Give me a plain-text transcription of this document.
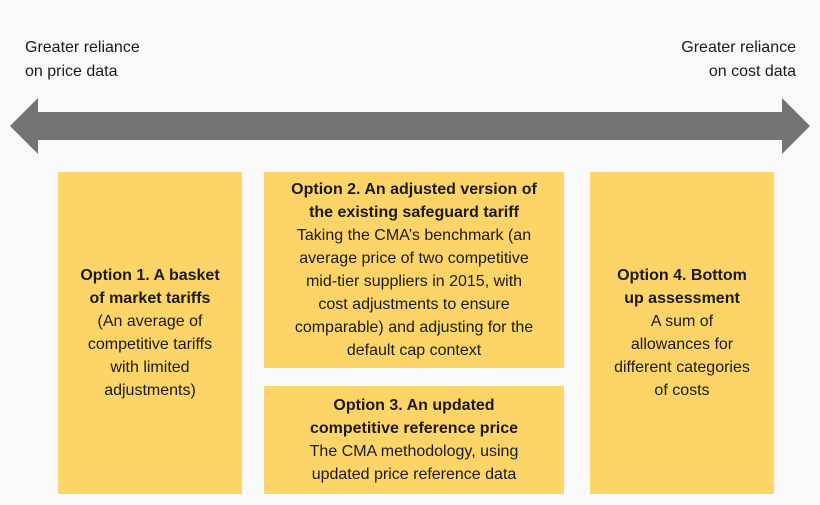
Greater reliance
on price data
Greater reliance
on cost data
Option 1. A basket
of market tariffs
(An average of
competitive tariffs
with limited
adjustments)
Option 2. An adjusted version of
the existing safeguard tariff
Taking the CMA’s benchmark (an
average price of two competitive
mid-tier suppliers in 2015, with
cost adjustments to ensure
comparable) and adjusting for the
default cap context
Option 3. An updated
competitive reference price
The CMA methodology, using
updated price reference data
Option 4. Bottom
up assessment
A sum of
allowances for
different categories
of costs
